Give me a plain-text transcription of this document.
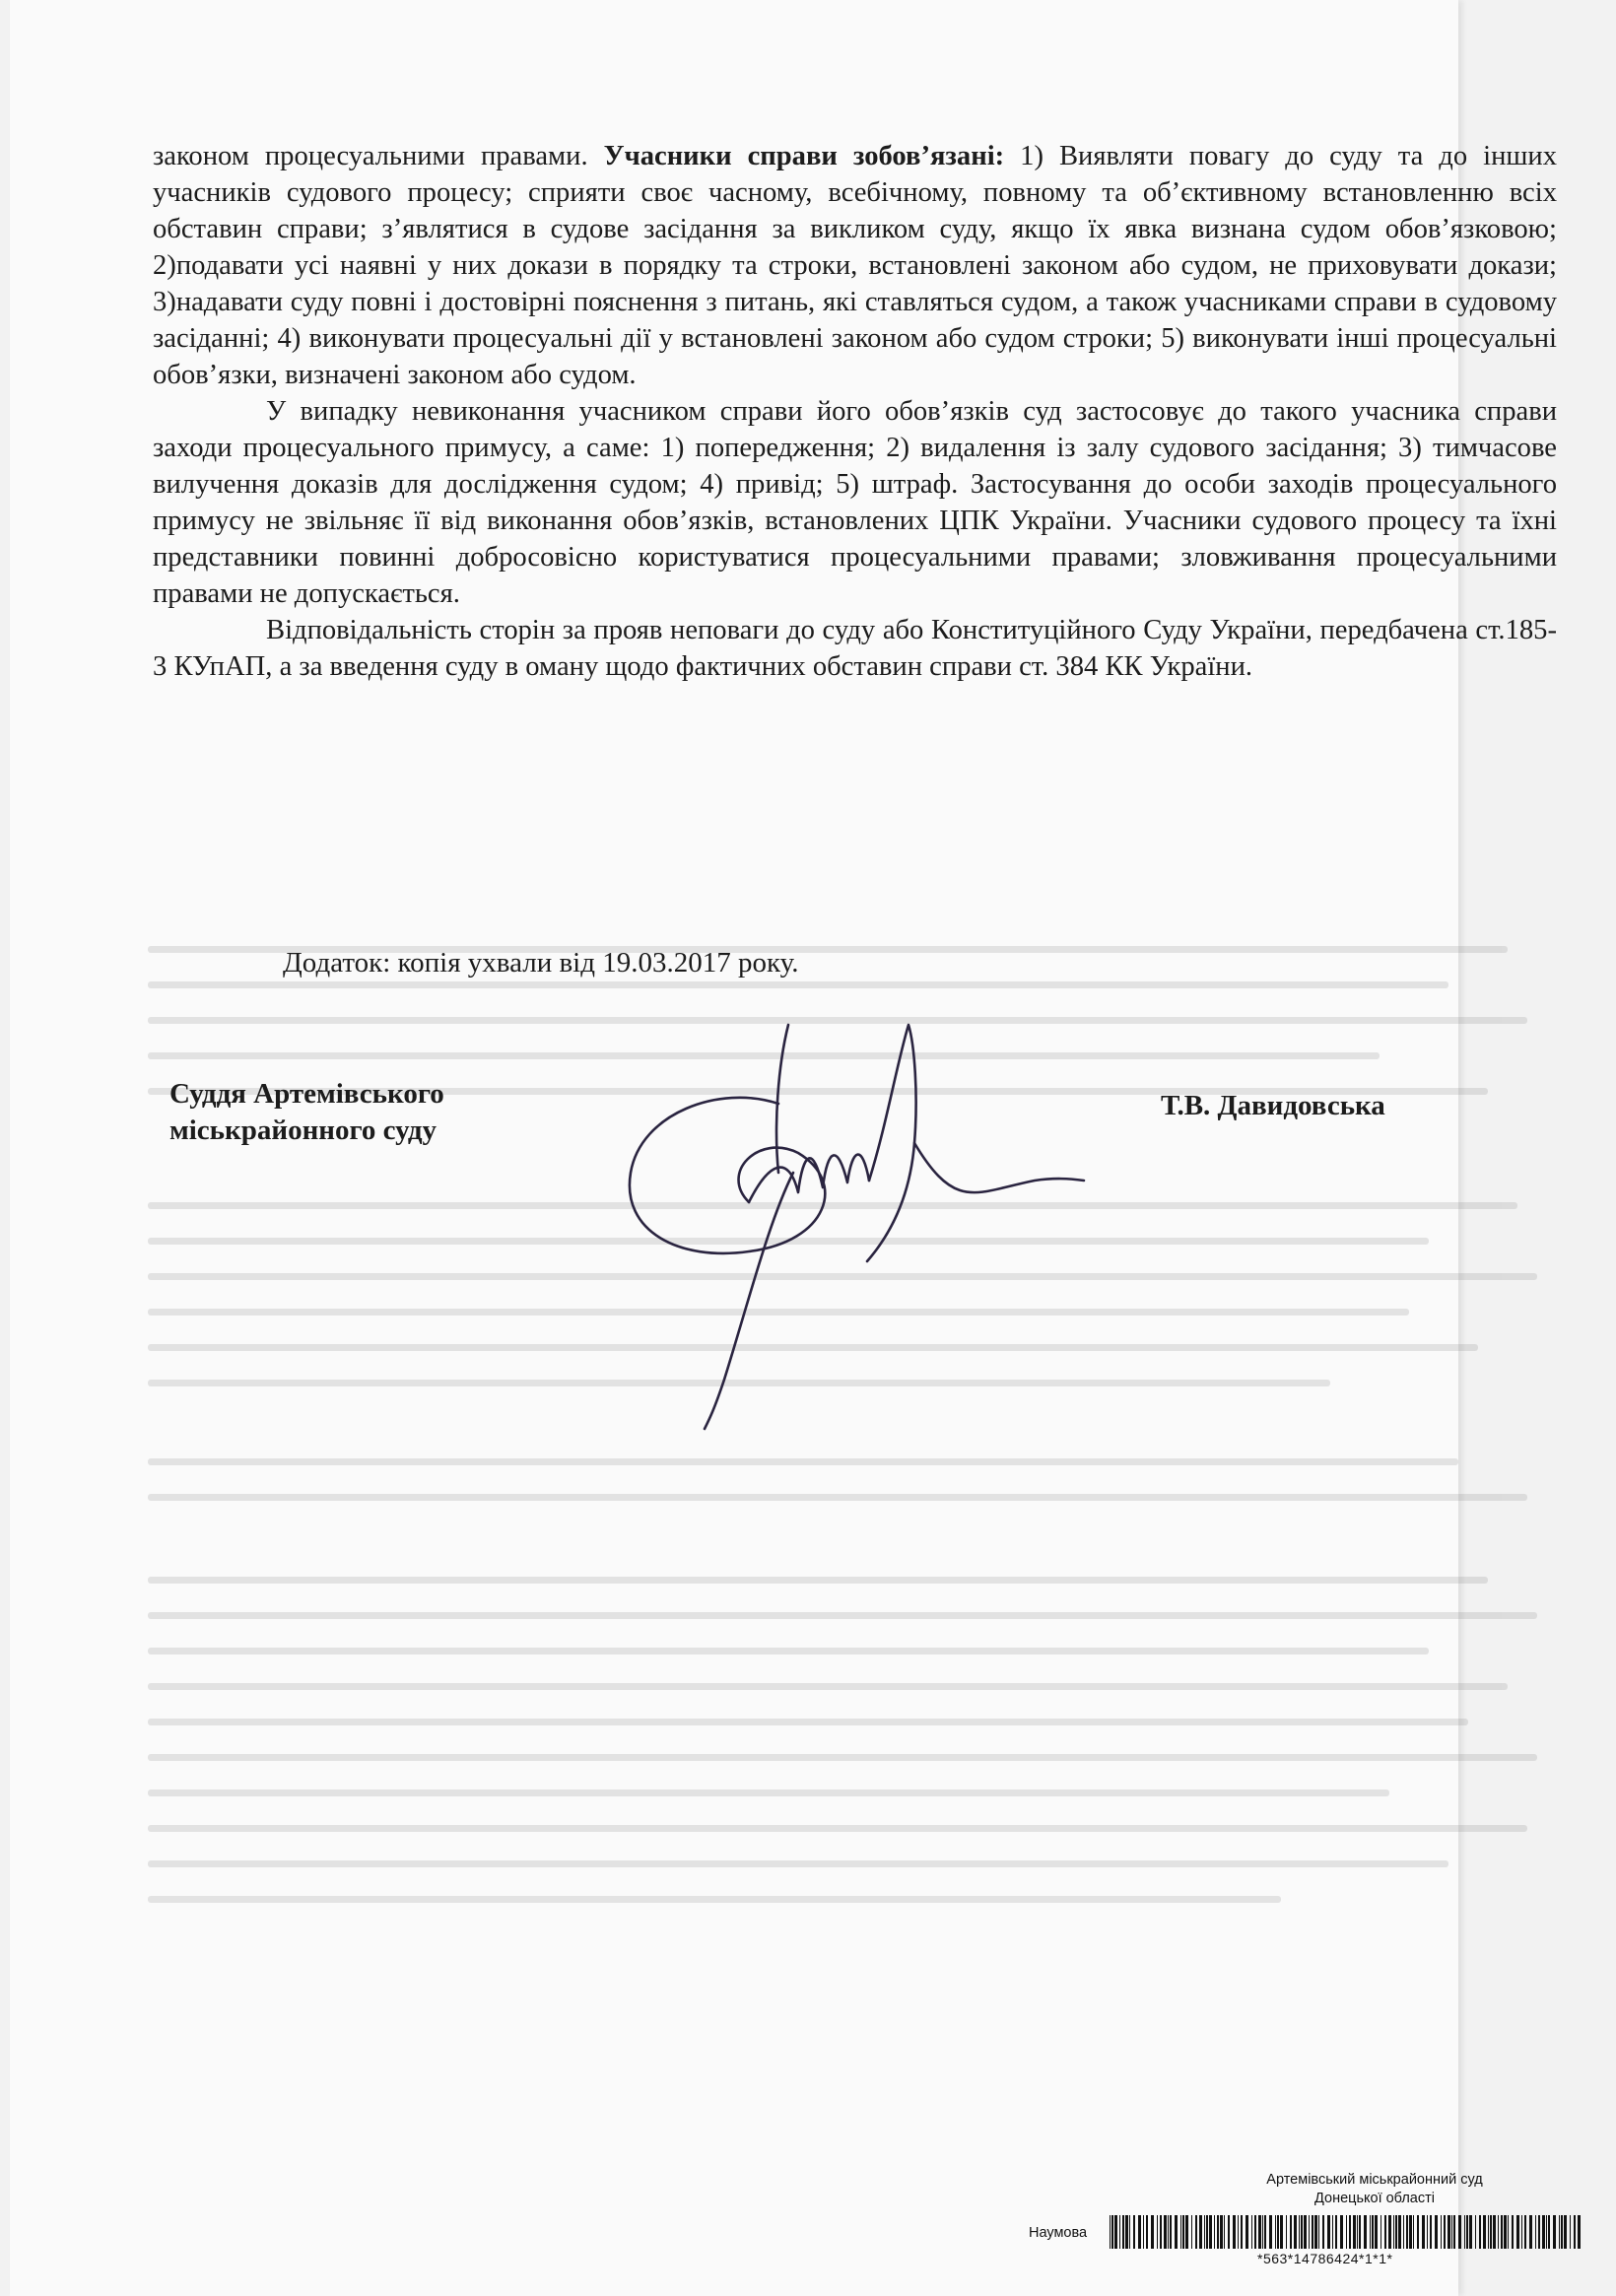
законом процесуальними правами. Учасники справи зобов’язані: 1) Виявляти повагу до суду та до інших учасників судового процесу; сприяти своє часному, всебічному, повному та об’єктивному встановленню всіх обставин справи; з’являтися в судове засідання за викликом суду, якщо їх явка визнана судом обов’язковою; 2)подавати усі наявні у них докази в порядку та строки, встановлені законом або судом, не приховувати докази; 3)надавати суду повні і достовірні пояснення з питань, які ставляться судом, а також учасниками справи в судовому засіданні; 4) виконувати процесуальні дії у встановлені законом або судом строки; 5) виконувати інші процесуальні обов’язки, визначені законом або судом.

У випадку невиконання учасником справи його обов’язків суд застосовує до такого учасника справи заходи процесуального примусу, а саме: 1) попередження; 2) видалення із залу судового засідання; 3) тимчасове вилучення доказів для дослідження судом; 4) привід; 5) штраф. Застосування до особи заходів процесуального примусу не звільняє її від виконання обов’язків, встановлених ЦПК України. Учасники судового процесу та їхні представники повинні добросовісно користуватися процесуальними правами; зловживання процесуальними правами не допускається.

Відповідальність сторін за прояв неповаги до суду або Конституційного Суду України, передбачена ст.185-3 КУпАП, а за введення суду в оману щодо фактичних обставин справи ст. 384 КК України.

Додаток: копія ухвали від 19.03.2017 року.
Суддя Артемівського
міськрайонного суду
Т.В. Давидовська
Артемівський міськрайонний суд
Донецької області
Наумова
*563*14786424*1*1*
